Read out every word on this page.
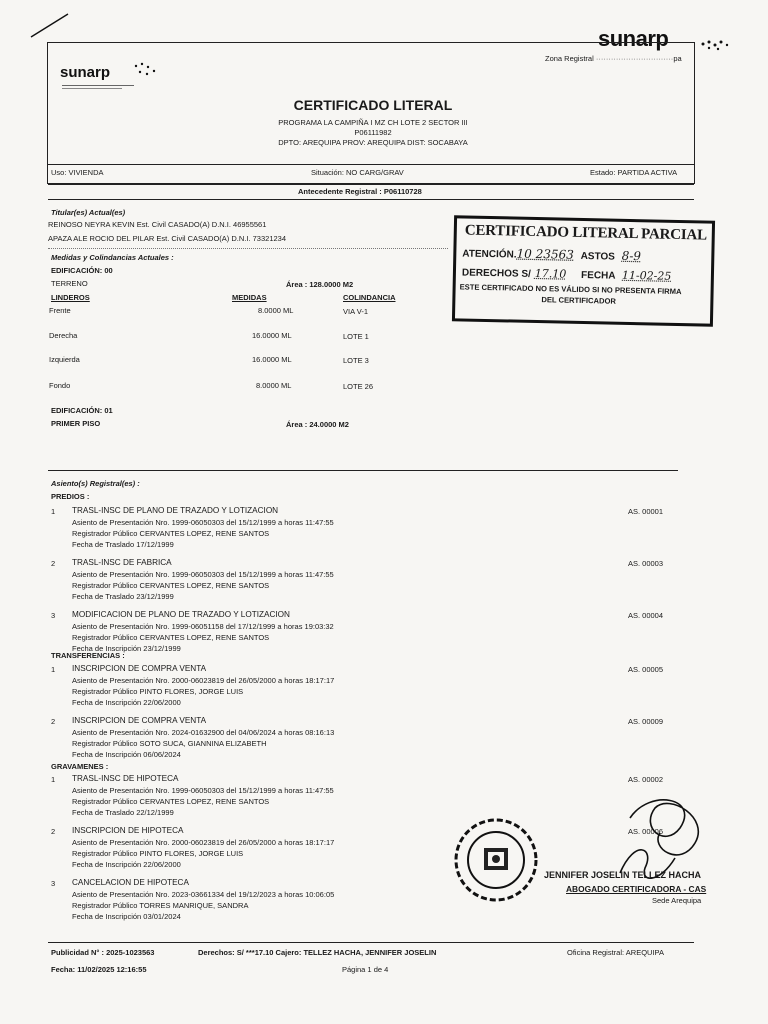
sunarp
Zona Registral ·······························pa
sunarp
CERTIFICADO LITERAL
PROGRAMA LA CAMPIÑA I MZ CH LOTE 2 SECTOR III
P06111982
DPTO: AREQUIPA PROV: AREQUIPA DIST: SOCABAYA
Uso: VIVIENDA	Situación: NO CARG/GRAV	Estado: PARTIDA ACTIVA
Antecedente Registral : P06110728
Titular(es) Actual(es)
REINOSO NEYRA KEVIN Est. Civil CASADO(A) D.N.I. 46955561
APAZA ALE ROCIO DEL PILAR Est. Civil CASADO(A) D.N.I. 73321234	CERTIFICADO LITERAL PARCIAL
ATENCIÓN.10 23563 ASTOS 8-9
DERECHOS S/ 17.10 FECHA 11-02-25
ESTE CERTIFICADO NO ES VÁLIDO SI NO PRESENTA FIRMA
DEL CERTIFICADOR
Medidas y Colindancias Actuales :
EDIFICACIÓN: 00
TERRENO	Área : 128.0000 M2
LINDEROS	MEDIDAS	COLINDANCIA
Frente	8.0000 ML	VIA V-1
Derecha	16.0000 ML	LOTE 1
Izquierda	16.0000 ML	LOTE 3
Fondo	8.0000 ML	LOTE 26
EDIFICACIÓN: 01
PRIMER PISO	Área : 24.0000 M2
Asiento(s) Registral(es) :
PREDIOS :
1 TRASL-INSC DE PLANO DE TRAZADO Y LOTIZACION
Asiento de Presentación Nro. 1999-06050303 del 15/12/1999 a horas 11:47:55
Registrador Público CERVANTES LOPEZ, RENE SANTOS
Fecha de Traslado 17/12/1999
AS. 00001
2 TRASL-INSC DE FABRICA
Asiento de Presentación Nro. 1999-06050303 del 15/12/1999 a horas 11:47:55
Registrador Público CERVANTES LOPEZ, RENE SANTOS
Fecha de Traslado 23/12/1999
AS. 00003
3 MODIFICACION DE PLANO DE TRAZADO Y LOTIZACION
Asiento de Presentación Nro. 1999-06051158 del 17/12/1999 a horas 19:03:32
Registrador Público CERVANTES LOPEZ, RENE SANTOS
Fecha de Inscripción 23/12/1999
AS. 00004
TRANSFERENCIAS :
1 INSCRIPCION DE COMPRA VENTA
Asiento de Presentación Nro. 2000-06023819 del 26/05/2000 a horas 18:17:17
Registrador Público PINTO FLORES, JORGE LUIS
Fecha de Inscripción 22/06/2000
AS. 00005
2 INSCRIPCION DE COMPRA VENTA
Asiento de Presentación Nro. 2024-01632900 del 04/06/2024 a horas 08:16:13
Registrador Público SOTO SUCA, GIANNINA ELIZABETH
Fecha de Inscripción 06/06/2024
AS. 00009
GRAVAMENES :
1 TRASL-INSC DE HIPOTECA
Asiento de Presentación Nro. 1999-06050303 del 15/12/1999 a horas 11:47:55
Registrador Público CERVANTES LOPEZ, RENE SANTOS
Fecha de Traslado 22/12/1999
AS. 00002
2 INSCRIPCION DE HIPOTECA
Asiento de Presentación Nro. 2000-06023819 del 26/05/2000 a horas 18:17:17
Registrador Público PINTO FLORES, JORGE LUIS
Fecha de Inscripción 22/06/2000
AS. 00006
3 CANCELACION DE HIPOTECA
Asiento de Presentación Nro. 2023-03661334 del 19/12/2023 a horas 10:06:05
Registrador Público TORRES MANRIQUE, SANDRA
Fecha de Inscripción 03/01/2024
JENNIFER JOSELIN TELLEZ HACHA
ABOGADO CERTIFICADORA - CAS
Sede Arequipa
Publicidad N° : 2025-1023563	Derechos: S/ ***17.10 Cajero: TELLEZ HACHA, JENNIFER JOSELIN	Oficina Registral: AREQUIPA
Fecha: 11/02/2025 12:16:55	Página 1 de 4
